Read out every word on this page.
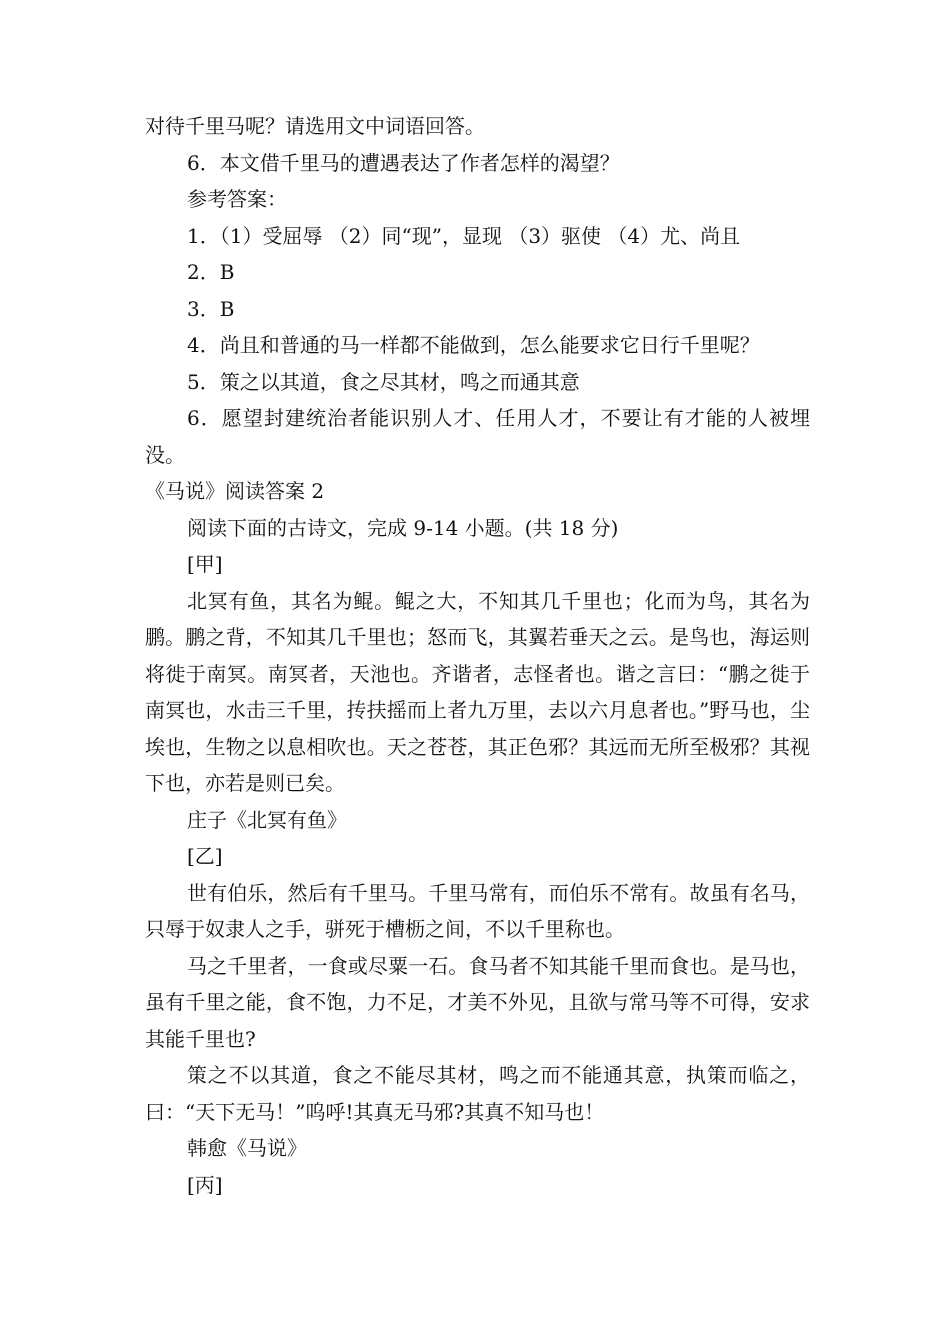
对待千里马呢？请选用文中词语回答。

6．本文借千里马的遭遇表达了作者怎样的渴望？

参考答案：

1．（1）受屈辱 （2）同“现”，显现 （3）驱使 （4）尤、尚且

2．B

3．B

4．尚且和普通的马一样都不能做到，怎么能要求它日行千里呢？

5．策之以其道，食之尽其材，鸣之而通其意

6．愿望封建统治者能识别人才、任用人才，不要让有才能的人被埋没。

《马说》阅读答案 2

阅读下面的古诗文，完成 9-14 小题。(共 18 分)

[甲]

北冥有鱼，其名为鲲。鲲之大，不知其几千里也；化而为鸟，其名为鹏。鹏之背，不知其几千里也；怒而飞，其翼若垂天之云。是鸟也，海运则将徙于南冥。南冥者，天池也。齐谐者，志怪者也。谐之言曰：“鹏之徙于南冥也，水击三千里，抟扶摇而上者九万里，去以六月息者也。”野马也，尘埃也，生物之以息相吹也。天之苍苍，其正色邪？其远而无所至极邪？其视下也，亦若是则已矣。

庄子《北冥有鱼》

[乙]

世有伯乐，然后有千里马。千里马常有，而伯乐不常有。故虽有名马，只辱于奴隶人之手，骈死于槽枥之间，不以千里称也。

马之千里者，一食或尽粟一石。食马者不知其能千里而食也。是马也，虽有千里之能，食不饱，力不足，才美不外见，且欲与常马等不可得，安求其能千里也?

策之不以其道，食之不能尽其材，鸣之而不能通其意，执策而临之，曰：“天下无马！”呜呼!其真无马邪?其真不知马也！

韩愈《马说》

[丙]
